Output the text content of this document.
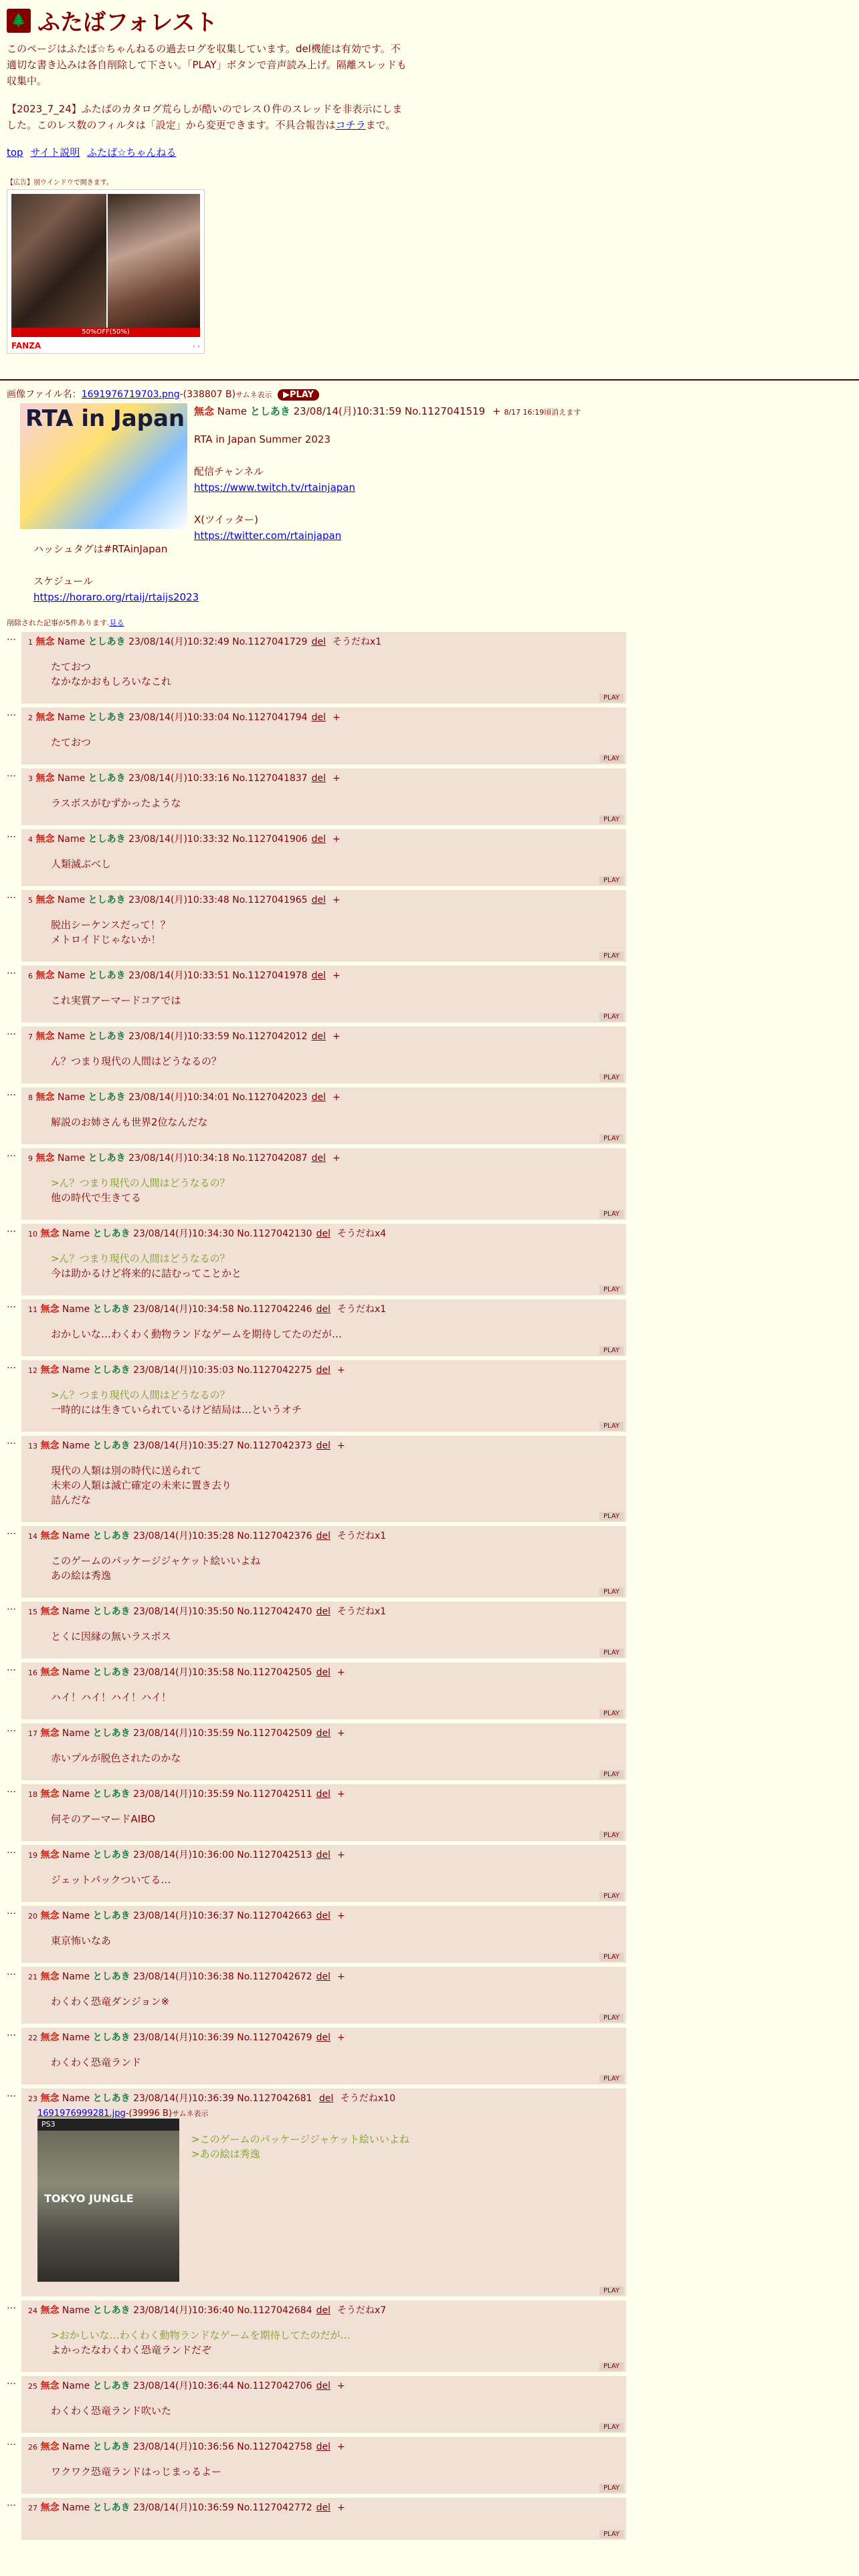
🌲 ふたばフォレスト

このページはふたば☆ちゃんねるの過去ログを収集しています。del機能は有効です。不適切な書き込みは各自削除して下さい。「PLAY」ボタンで音声読み上げ。隔離スレッドも収集中。

【2023_7_24】ふたばのカタログ荒らしが酷いのでレス０件のスレッドを非表示にしました。このレス数のフィルタは「設定」から変更できます。不具合報告はコチラまで。

top サイト説明 ふたば☆ちゃんねる
【広告】別ウインドウで開きます。
50%OFF(50%)
FANZA	‹ ›
画像ファイル名：1691976719703.png-(338807 B)サムネ表示 ▶PLAY
RTA in Japan 無念 Name としあき 23/08/14(月)10:31:59 No.1127041519 + 8/17 16:19頃消えます
RTA in Japan Summer 2023
配信チャンネル
https://www.twitch.tv/rtainjapan
X(ツイッター)
https://twitter.com/rtainjapan

ハッシュタグは#RTAinJapan

スケジュール

https://horaro.org/rtaij/rtaijs2023

削除された記事が5件あります.見る
… 1 無念 Name としあき 23/08/14(月)10:32:49 No.1127041729 del そうだねx1

たておつ

なかなかおもしろいなこれ

PLAY
… 2 無念 Name としあき 23/08/14(月)10:33:04 No.1127041794 del +

たておつ

PLAY
… 3 無念 Name としあき 23/08/14(月)10:33:16 No.1127041837 del +

ラスボスがむずかったような

PLAY
… 4 無念 Name としあき 23/08/14(月)10:33:32 No.1127041906 del +

人類滅ぶべし

PLAY
… 5 無念 Name としあき 23/08/14(月)10:33:48 No.1127041965 del +

脱出シーケンスだって！？

メトロイドじゃないか！

PLAY
… 6 無念 Name としあき 23/08/14(月)10:33:51 No.1127041978 del +

これ実質アーマードコアでは

PLAY
… 7 無念 Name としあき 23/08/14(月)10:33:59 No.1127042012 del +

ん？つまり現代の人間はどうなるの？

PLAY
… 8 無念 Name としあき 23/08/14(月)10:34:01 No.1127042023 del +

解説のお姉さんも世界2位なんだな

PLAY
… 9 無念 Name としあき 23/08/14(月)10:34:18 No.1127042087 del +

>ん？つまり現代の人間はどうなるの？

他の時代で生きてる

PLAY
… 10 無念 Name としあき 23/08/14(月)10:34:30 No.1127042130 del そうだねx4

>ん？つまり現代の人間はどうなるの？

今は助かるけど将来的に詰むってことかと

PLAY
… 11 無念 Name としあき 23/08/14(月)10:34:58 No.1127042246 del そうだねx1

おかしいな…わくわく動物ランドなゲームを期待してたのだが…

PLAY
… 12 無念 Name としあき 23/08/14(月)10:35:03 No.1127042275 del +

>ん？つまり現代の人間はどうなるの？

一時的には生きていられているけど結局は…というオチ

PLAY
… 13 無念 Name としあき 23/08/14(月)10:35:27 No.1127042373 del +

現代の人類は別の時代に送られて

未来の人類は滅亡確定の未来に置き去り

詰んだな

PLAY
… 14 無念 Name としあき 23/08/14(月)10:35:28 No.1127042376 del そうだねx1

このゲームのパッケージジャケット絵いいよね

あの絵は秀逸

PLAY
… 15 無念 Name としあき 23/08/14(月)10:35:50 No.1127042470 del そうだねx1

とくに因縁の無いラスボス

PLAY
… 16 無念 Name としあき 23/08/14(月)10:35:58 No.1127042505 del +

ハイ！ハイ！ハイ！ハイ！

PLAY
… 17 無念 Name としあき 23/08/14(月)10:35:59 No.1127042509 del +

赤いプルが脱色されたのかな

PLAY
… 18 無念 Name としあき 23/08/14(月)10:35:59 No.1127042511 del +

何そのアーマードAIBO

PLAY
… 19 無念 Name としあき 23/08/14(月)10:36:00 No.1127042513 del +

ジェットパックついてる…

PLAY
… 20 無念 Name としあき 23/08/14(月)10:36:37 No.1127042663 del +

東京怖いなあ

PLAY
… 21 無念 Name としあき 23/08/14(月)10:36:38 No.1127042672 del +

わくわく恐竜ダンジョン※

PLAY
… 22 無念 Name としあき 23/08/14(月)10:36:39 No.1127042679 del +

わくわく恐竜ランド

PLAY
… 23 無念 Name としあき 23/08/14(月)10:36:39 No.1127042681 del そうだねx10
1691976999281.jpg-(39996 B)サムネ表示
PS3
TOKYO JUNGLE

>このゲームのパッケージジャケット絵いいよね

>あの絵は秀逸

PLAY
… 24 無念 Name としあき 23/08/14(月)10:36:40 No.1127042684 del そうだねx7

>おかしいな…わくわく動物ランドなゲームを期待してたのだが…

よかったなわくわく恐竜ランドだぞ

PLAY
… 25 無念 Name としあき 23/08/14(月)10:36:44 No.1127042706 del +

わくわく恐竜ランド吹いた

PLAY
… 26 無念 Name としあき 23/08/14(月)10:36:56 No.1127042758 del +

ワクワク恐竜ランドはっじまっるよー

PLAY
… 27 無念 Name としあき 23/08/14(月)10:36:59 No.1127042772 del +
PLAY
